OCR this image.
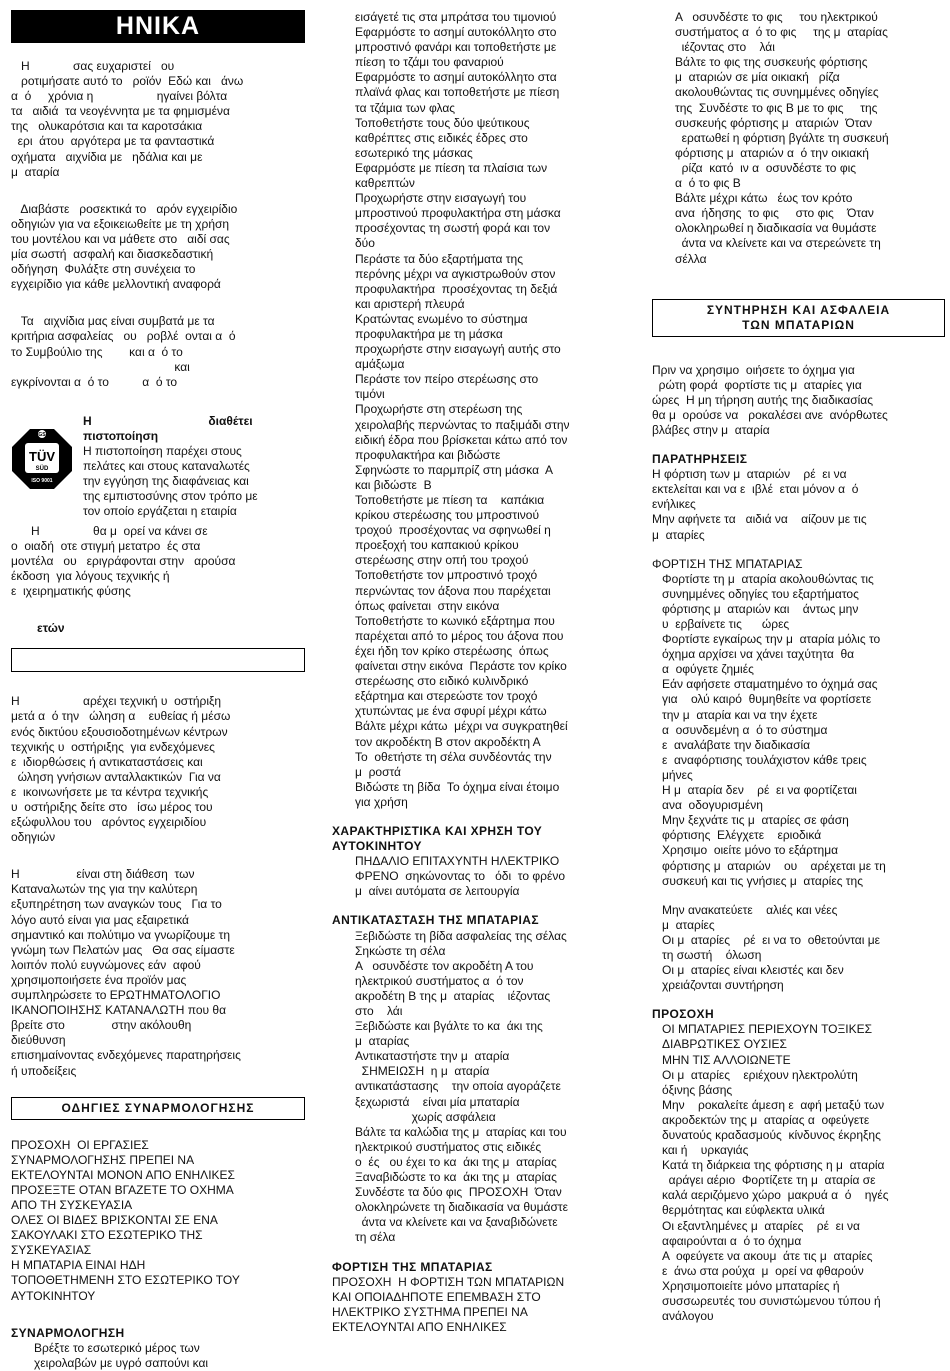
ΗΝΙΚΑ
Η             σας ευχαριστεί   ου
ροτιμήσατε αυτό το   ροϊόν  Εδώ και   άνω
α  ό     χρόνια η                   ηγαίνει βόλτα
τα   αιδιά  τα νεογέννητα με τα φημισμένα
της   ολυκαρότσια και τα καροτσάκια
ερι  άτου  αργότερα με τα φανταστικά
οχήματα   αιχνίδια με   ηδάλια και με
μ  αταρία
Διαβάστε   ροσεκτικά το   αρόν εγχειρίδιο
οδηγιών για να εξοικειωθείτε με τη χρήση
του μοντέλου και να μάθετε στο   αιδί σας
μία σωστή  ασφαλή και διασκεδαστική
οδήγηση  Φυλάξτε στη συνέχεια το
εγχειρίδιο για κάθε μελλοντική αναφορά
Τα   αιχνίδια μας είναι συμβατά με τα
κριτήρια ασφαλείας   ου   ροβλέ  ονται α  ό
το Συμβούλιο της        και α  ό το
και
εγκρίνονται α  ό το          α  ό το
GS
TÜV
SÜD
ISO 9001
Η                                   διαθέτει
πιστοποίηση
Η πιστοποίηση παρέχει στους
πελάτες και στους καταναλωτές
την εγγύηση της διαφάνειας και
της εμπιστοσύνης στον τρόπο με
τον οποίο εργάζεται η εταιρία
Η                θα μ  ορεί να κάνει σε
ο  οιαδή  οτε στιγμή μετατρο  ές στα
μοντέλα   ου   εριγράφονται στην   αρούσα
έκδοση  για λόγους τεχνικής ή
ε  ιχειρηματικής φύσης
ετών
Η                   αρέχει τεχνική υ  οστήριξη
μετά α  ό την   ώληση α    ευθείας ή μέσω
ενός δικτύου εξουσιοδοτημένων κέντρων
τεχνικής υ  οστήριξης  για ενδεχόμενες
ε  ιδιορθώσεις ή αντικαταστάσεις και
ώληση γνήσιων ανταλλακτικών  Για να
ε  ικοινωνήσετε με τα κέντρα τεχνικής
υ  οστήριξης δείτε στο   ίσω μέρος του
εξώφυλλου του   αρόντος εγχειριδίου
οδηγιών
Η                 είναι στη διάθεση  των
Καταναλωτών της για την καλύτερη
εξυπηρέτηση των αναγκών τους   Για το
λόγο αυτό είναι για μας εξαιρετικά
σημαντικό και πολύτιμο να γνωρίζουμε τη
γνώμη των Πελατών μας   Θα σας είμαστε
λοιπόν πολύ ευγνώμονες εάν  αφού
χρησιμοποιήσετε ένα προϊόν μας
συμπληρώσετε το ΕΡΩΤΗΜΑΤΟΛΟΓΙΟ
ΙΚΑΝΟΠΟΙΗΣΗΣ ΚΑΤΑΝΑΛΩΤΗ που θα
βρείτε στο              στην ακόλουθη
διεύθυνση
επισημαίνοντας ενδεχόμενες παρατηρήσεις
ή υποδείξεις
ΟΔΗΓΙΕΣ ΣΥΝΑΡΜΟΛΟΓΗΣΗΣ
ΠΡΟΣΟΧΗ  ΟΙ ΕΡΓΑΣΙΕΣ
ΣΥΝΑΡΜΟΛΟΓΗΣΗΣ ΠΡΕΠΕΙ ΝΑ
ΕΚΤΕΛΟΥΝΤΑΙ ΜΟΝΟΝ ΑΠΟ ΕΝΗΛΙΚΕΣ
ΠΡΟΣΕΞΤΕ ΟΤΑΝ ΒΓΑΖΕΤΕ ΤΟ ΟΧΗΜΑ
ΑΠΟ ΤΗ ΣΥΣΚΕΥΑΣΙΑ
ΟΛΕΣ ΟΙ ΒΙΔΕΣ ΒΡΙΣΚΟΝΤΑΙ ΣΕ ΕΝΑ
ΣΑΚΟΥΛΑΚΙ ΣΤΟ ΕΣΩΤΕΡΙΚΟ ΤΗΣ
ΣΥΣΚΕΥΑΣΙΑΣ
Η ΜΠΑΤΑΡΙΑ ΕΙΝΑΙ ΗΔΗ
ΤΟΠΟΘΕΤΗΜΕΝΗ ΣΤΟ ΕΣΩΤΕΡΙΚΟ ΤΟΥ
ΑΥΤΟΚΙΝΗΤΟΥ
ΣΥΝΑΡΜΟΛΟΓΗΣΗ
Βρέξτε το εσωτερικό μέρος των
χειρολαβών με υγρό σαπούνι και
εισάγετέ τις στα μπράτσα του τιμονιού
Εφαρμόστε το ασημί αυτοκόλλητο στο
μπροστινό φανάρι και τοποθετήστε με
πίεση το τζάμι του φαναριού
Εφαρμόστε το ασημί αυτοκόλλητο στα
πλαϊνά φλας και τοποθετήστε με πίεση
τα τζάμια των φλας
Τοποθετήστε τους δύο ψεύτικους
καθρέπτες στις ειδικές έδρες στο
εσωτερικό της μάσκας
Εφαρμόστε με πίεση τα πλαίσια των
καθρεπτών
Προχωρήστε στην εισαγωγή του
μπροστινού προφυλακτήρα στη μάσκα
προσέχοντας τη σωστή φορά και τον
δύο
Περάστε τα δύο εξαρτήματα της
περόνης μέχρι να αγκιστρωθούν στον
προφυλακτήρα  προσέχοντας τη δεξιά
και αριστερή πλευρά
Κρατώντας ενωμένο το σύστημα
προφυλακτήρα με τη μάσκα
προχωρήστε στην εισαγωγή αυτής στο
αμάξωμα
Περάστε τον πείρο στερέωσης στο
τιμόνι
Προχωρήστε στη στερέωση της
χειρολαβής περνώντας το παξιμάδι στην
ειδική έδρα που βρίσκεται κάτω από τον
προφυλακτήρα και βιδώστε
Σφηνώστε το παρμπρίζ στη μάσκα  Α
και βιδώστε  Β
Τοποθετήστε με πίεση τα    καπάκια
κρίκου στερέωσης του μπροστινού
τροχού  προσέχοντας να σφηνωθεί η
προεξοχή του καπακιού κρίκου
στερέωσης στην οπή του τροχού
Τοποθετήστε τον μπροστινό τροχό
περνώντας τον άξονα που παρέχεται
όπως φαίνεται  στην εικόνα
Τοποθετήστε το κωνικό εξάρτημα που
παρέχεται από το μέρος του άξονα που
έχει ήδη τον κρίκο στερέωσης  όπως
φαίνεται στην εικόνα  Περάστε τον κρίκο
στερέωσης στο ειδικό κυλινδρικό
εξάρτημα και στερεώστε τον τροχό
χτυπώντας με ένα σφυρί μέχρι κάτω
Βάλτε μέχρι κάτω  μέχρι να συγκρατηθεί
τον ακροδέκτη Β στον ακροδέκτη Α
Το  οθετήστε τη σέλα συνδέοντάς την
μ  ροστά
Βιδώστε τη βίδα  Το όχημα είναι έτοιμο
για χρήση
ΧΑΡΑΚΤΗΡΙΣΤΙΚΑ ΚΑΙ ΧΡΗΣΗ ΤΟΥ
ΑΥΤΟΚΙΝΗΤΟΥ
ΠΗΔΑΛΙΟ ΕΠΙΤΑΧΥΝΤΗ ΗΛΕΚΤΡΙΚΟ
ΦΡΕΝΟ  σηκώνοντας το   όδι  το φρένο
μ  αίνει αυτόματα σε λειτουργία
ΑΝΤΙΚΑΤΑΣΤΑΣΗ ΤΗΣ ΜΠΑΤΑΡΙΑΣ
Ξεβιδώστε τη βίδα ασφαλείας της σέλας
Σηκώστε τη σέλα
Α   οσυνδέστε τον ακροδέτη Α του
ηλεκτρικού συστήματος α  ό τον
ακροδέτη Β της μ  αταρίας    ιέζοντας
στο    λάι
Ξεβιδώστε και βγάλτε το κα  άκι της
μ  αταρίας
Αντικαταστήστε την μ  αταρία
ΣΗΜΕΙΩΣΗ  η μ  αταρία
αντικατάστασης    την οποία αγοράζετε
ξεχωριστά    είναι μία μπαταρία
χωρίς ασφάλεια
Βάλτε τα καλώδια της μ  αταρίας και του
ηλεκτρικού συστήματος στις ειδικές
ο  ές   ου έχει το κα  άκι της μ  αταρίας
Ξαναβιδώστε το κα  άκι της μ  αταρίας
Συνδέστε τα δύο φις  ΠΡΟΣΟΧΗ  Όταν
ολοκληρώνετε τη διαδικασία να θυμάστε
άντα να κλείνετε και να ξαναβιδώνετε
τη σέλα
ΦΟΡΤΙΣΗ ΤΗΣ ΜΠΑΤΑΡΙΑΣ
ΠΡΟΣΟΧΗ  Η ΦΟΡΤΙΣΗ ΤΩΝ ΜΠΑΤΑΡΙΩΝ
ΚΑΙ ΟΠΟΙΑΔΗΠΟΤΕ ΕΠΕΜΒΑΣΗ ΣΤΟ
ΗΛΕΚΤΡΙΚΟ ΣΥΣΤΗΜΑ ΠΡΕΠΕΙ ΝΑ
ΕΚΤΕΛΟΥΝΤΑΙ ΑΠΟ ΕΝΗΛΙΚΕΣ
Α   οσυνδέστε το φις     του ηλεκτρικού
συστήματος α  ό το φις     της μ  αταρίας
ιέζοντας στο    λάι
Βάλτε το φις της συσκευής φόρτισης
μ  αταριών σε μία οικιακή   ρίζα
ακολουθώντας τις συνημμένες οδηγίες
της  Συνδέστε το φις Β με το φις     της
συσκευής φόρτισης μ  αταριών  Όταν
ερατωθεί η φόρτιση βγάλτε τη συσκευή
φόρτισης μ  αταριών α  ό την οικιακή
ρίζα  κατό  ιν α  οσυνδέστε το φις
α  ό το φις Β
Βάλτε μέχρι κάτω   έως τον κρότο
ανα  ήδησης  το φις     στο φις    Όταν
ολοκληρωθεί η διαδικασία να θυμάστε
άντα να κλείνετε και να στερεώνετε τη
σέλλα
ΣΥΝΤΗΡΗΣΗ ΚΑΙ ΑΣΦΑΛΕΙΑ
ΤΩΝ ΜΠΑΤΑΡΙΩΝ
Πριν να χρησιμο  οιήσετε το όχημα για
ρώτη φορά  φορτίστε τις μ  αταρίες για
ώρες  Η μη τήρηση αυτής της διαδικασίας
θα μ  ορούσε να   ροκαλέσει ανε  ανόρθωτες
βλάβες στην μ  αταρία
ΠΑΡΑΤΗΡΗΣΕΙΣ
Η φόρτιση των μ  αταριών    ρέ  ει να
εκτελείται και να ε  ιβλέ  εται μόνον α  ό
ενήλικες
Μην αφήνετε τα   αιδιά να    αίζουν με τις
μ  αταρίες
ΦΟΡΤΙΣΗ ΤΗΣ ΜΠΑΤΑΡΙΑΣ
Φορτίστε τη μ  αταρία ακολουθώντας τις
συνημμένες οδηγίες του εξαρτήματος
φόρτισης μ  αταριών και    άντως μην
υ  ερβαίνετε τις      ώρες
Φορτίστε εγκαίρως την μ  αταρία μόλις το
όχημα αρχίσει να χάνει ταχύτητα  θα
α  οφύγετε ζημιές
Εάν αφήσετε σταματημένο το όχημά σας
για    ολύ καιρό  θυμηθείτε να φορτίσετε
την μ  αταρία και να την έχετε
α  οσυνδεμένη α  ό το σύστημα
ε  αναλάβατε την διαδικασία
ε  αναφόρτισης τουλάχιστον κάθε τρεις
μήνες
Η μ  αταρία δεν    ρέ  ει να φορτίζεται
ανα  οδογυρισμένη
Μην ξεχνάτε τις μ  αταρίες σε φάση
φόρτισης  Ελέγχετε    εριοδικά
Χρησιμο  οιείτε μόνο το εξάρτημα
φόρτισης μ  αταριών    ου    αρέχεται με τη
συσκευή και τις γνήσιες μ  αταρίες της
Μην ανακατεύετε    αλιές και νέες
μ  αταρίες
Οι μ  αταρίες    ρέ  ει να το  οθετούνται με
τη σωστή    όλωση
Οι μ  αταρίες είναι κλειστές και δεν
χρειάζονται συντήρηση
ΠΡΟΣΟΧΗ
ΟΙ ΜΠΑΤΑΡΙΕΣ ΠΕΡΙΕΧΟΥΝ ΤΟΞΙΚΕΣ
ΔΙΑΒΡΩΤΙΚΕΣ ΟΥΣΙΕΣ
ΜΗΝ ΤΙΣ ΑΛΛΟΙΩΝΕΤΕ
Οι μ  αταρίες    εριέχουν ηλεκτρολύτη
όξινης βάσης
Μην    ροκαλείτε άμεση ε  αφή μεταξύ των
ακροδεκτών της μ  αταρίας α  οφεύγετε
δυνατούς κραδασμούς  κίνδυνος έκρηξης
και ή    υρκαγιάς
Κατά τη διάρκεια της φόρτισης η μ  αταρία
αράγει αέριο  Φορτίζετε τη μ  αταρία σε
καλά αεριζόμενο χώρο  μακρυά α  ό    ηγές
θερμότητας και εύφλεκτα υλικά
Οι εξαντλημένες μ  αταρίες    ρέ  ει να
αφαιρούνται α  ό το όχημα
Α  οφεύγετε να ακουμ  άτε τις μ  αταρίες
ε  άνω στα ρούχα  μ  ορεί να φθαρούν
Χρησιμοποιείτε μόνο μπαταρίες ή
συσσωρευτές του συνιστώμενου τύπου ή
ανάλογου
